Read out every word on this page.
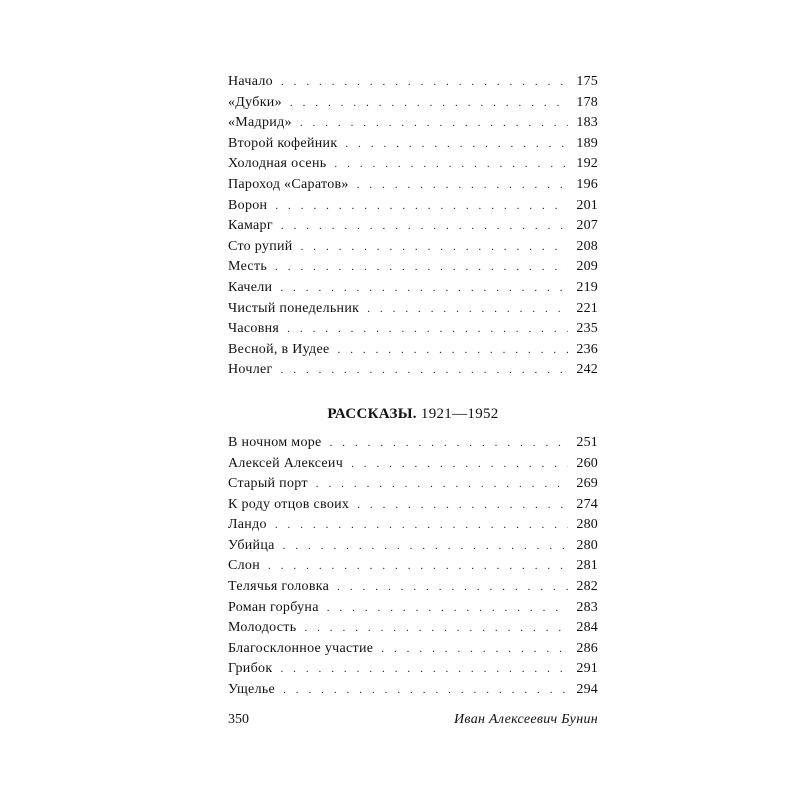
Начало . . .	175
«Дубки» . . .	178
«Мадрид» . . .	183
Второй кофейник . . .	189
Холодная осень . . .	192
Пароход «Саратов» . . .	196
Ворон . . .	201
Камарг . . .	207
Сто рупий . . .	208
Месть . . .	209
Качели . . .	219
Чистый понедельник . . .	221
Часовня . . .	235
Весной, в Иудее . . .	236
Ночлег . . .	242
РАССКАЗЫ. 1921—1952
В ночном море . . .	251
Алексей Алексеич . . .	260
Старый порт . . .	269
К роду отцов своих . . .	274
Ландо . . .	280
Убийца . . .	280
Слон . . .	281
Телячья головка . . .	282
Роман горбуна . . .	283
Молодость . . .	284
Благосклонное участие . . .	286
Грибок . . .	291
Ущелье . . .	294
350	Иван Алексеевич Бунин
